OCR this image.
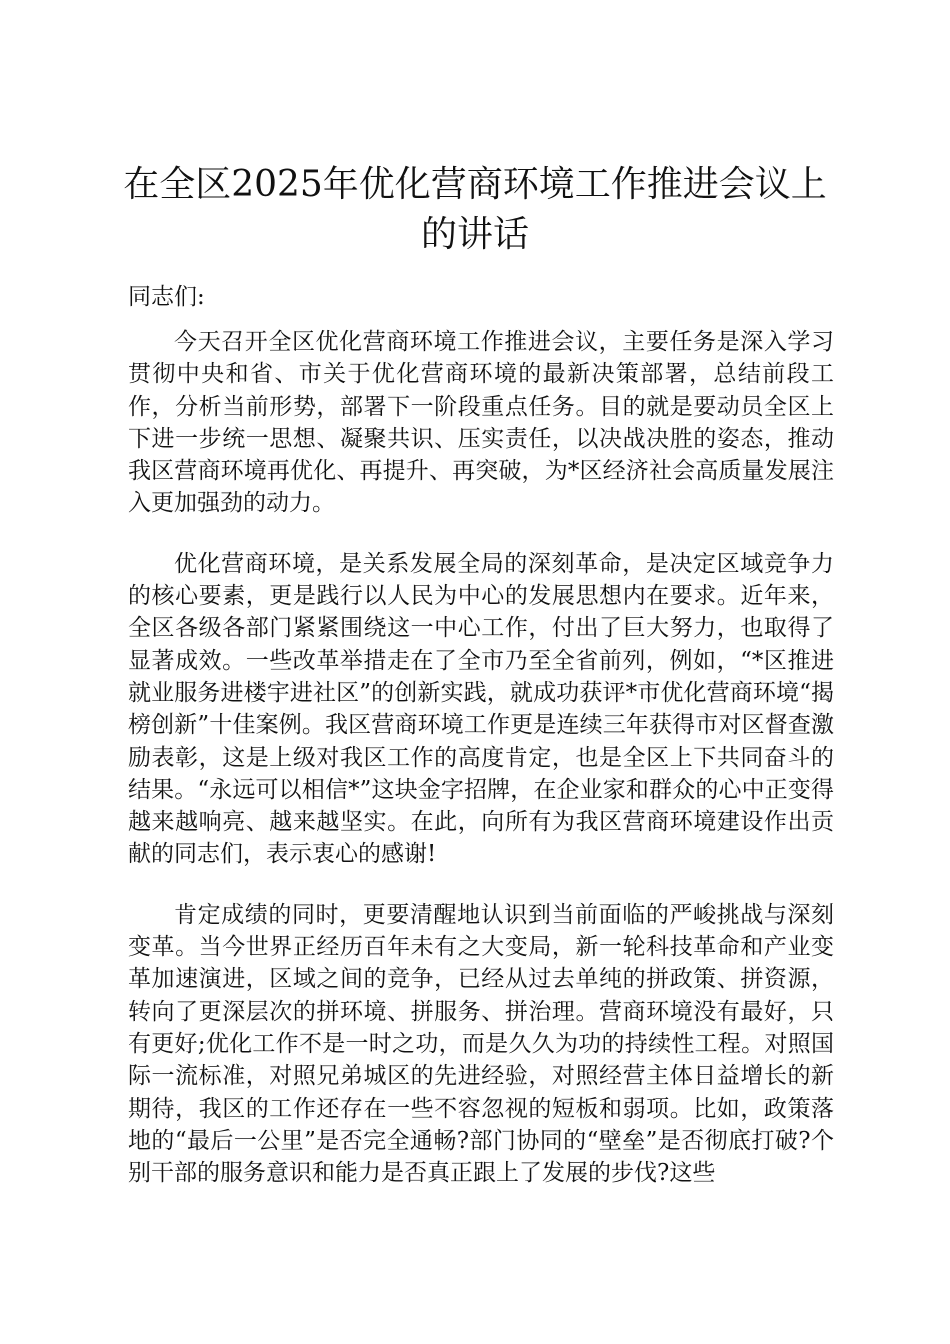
在全区2025年优化营商环境工作推进会议上的讲话

同志们:

今天召开全区优化营商环境工作推进会议，主要任务是深入学习贯彻中央和省、市关于优化营商环境的最新决策部署，总结前段工作，分析当前形势，部署下一阶段重点任务。目的就是要动员全区上下进一步统一思想、凝聚共识、压实责任，以决战决胜的姿态，推动我区营商环境再优化、再提升、再突破，为*区经济社会高质量发展注入更加强劲的动力。

优化营商环境，是关系发展全局的深刻革命，是决定区域竞争力的核心要素，更是践行以人民为中心的发展思想内在要求。近年来，全区各级各部门紧紧围绕这一中心工作，付出了巨大努力，也取得了显著成效。一些改革举措走在了全市乃至全省前列，例如，“*区推进就业服务进楼宇进社区”的创新实践，就成功获评*市优化营商环境“揭榜创新”十佳案例。我区营商环境工作更是连续三年获得市对区督查激励表彰，这是上级对我区工作的高度肯定，也是全区上下共同奋斗的结果。“永远可以相信*”这块金字招牌，在企业家和群众的心中正变得越来越响亮、越来越坚实。在此，向所有为我区营商环境建设作出贡献的同志们，表示衷心的感谢!

肯定成绩的同时，更要清醒地认识到当前面临的严峻挑战与深刻变革。当今世界正经历百年未有之大变局，新一轮科技革命和产业变革加速演进，区域之间的竞争，已经从过去单纯的拼政策、拼资源，转向了更深层次的拼环境、拼服务、拼治理。营商环境没有最好，只有更好;优化工作不是一时之功，而是久久为功的持续性工程。对照国际一流标准，对照兄弟城区的先进经验，对照经营主体日益增长的新期待，我区的工作还存在一些不容忽视的短板和弱项。比如，政策落地的“最后一公里”是否完全通畅?部门协同的“壁垒”是否彻底打破?个别干部的服务意识和能力是否真正跟上了发展的步伐?这些
